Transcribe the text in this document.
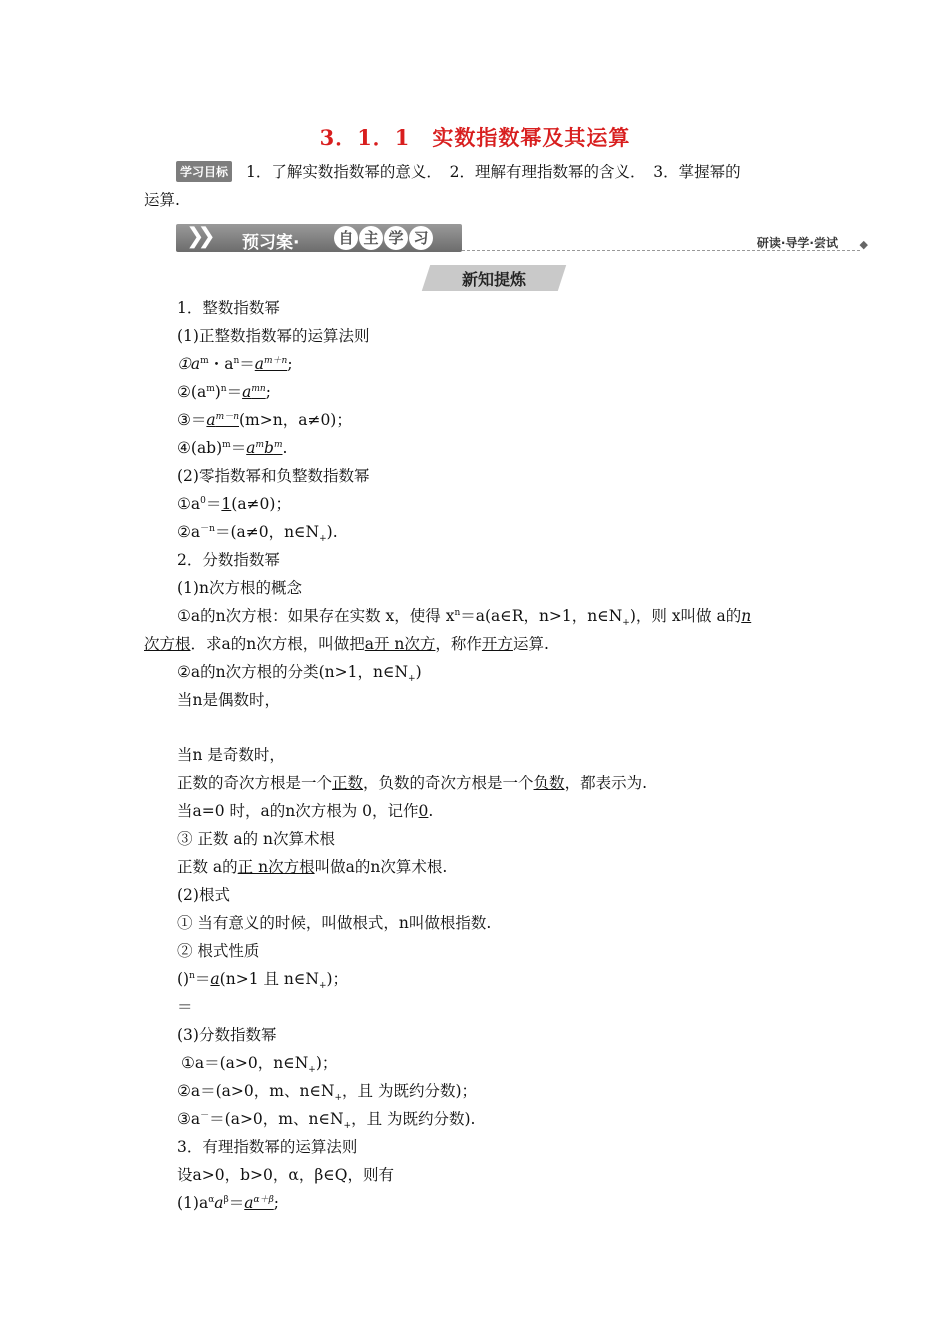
3．1．1　实数指数幂及其运算
学习目标 1．了解实数指数幂的意义．　2．理解有理指数幂的含义．　3．掌握幂的
运算.
❯❯ 预习案·	自 主 学 习	研读·导学·尝试 ◆
新知提炼
1．整数指数幂
(1)正整数指数幂的运算法则
$①a^m$・$a^n=a^{m+n}$;
$②(a^m)^n=a^{mn}$;
$③=a^{m-n}(m>n$，a≠0)；
$④(ab)^m=a^mb^m$.
(2)零指数幂和负整数指数幂
$①a^0=1(a\ne 0)$；
$②a^{-n}=(a\ne 0$，$n\in N_+$).
2．分数指数幂
(1)n次方根的概念
①a的n次方根：如果存在实数 x，使得 $x^n=a(a\in R$，n>1，$n\in N_+$)，则 x叫做 a的n
次方根．求a的n次方根，叫做把a开 n次方，称作开方运算.
②a的n次方根的分类(n>1，$n\in N_+$)
当n是偶数时，
当n 是奇数时，
正数的奇次方根是一个正数，负数的奇次方根是一个负数，都表示为.
当a=0 时，a的n次方根为 0，记作0.
③ 正数 a的 n次算术根
正数 a的正 n次方根叫做a的n次算术根.
(2)根式
① 当有意义的时候，叫做根式，n叫做根指数.
② 根式性质
()$^n$＝a(n>1 且 $n\in N_+$)；
＝
(3)分数指数幂
①a＝(a>0，$n\in N_+$)；
②a＝(a>0，m、$n\in N_+$，且 为既约分数)；
③a－＝(a>0，m、$n\in N_+$，且 为既约分数).
3．有理指数幂的运算法则
设a>0，b>0，α，β∈Q，则有
$(1)a^\alpha a^\beta=a^{\alpha+\beta}$;
